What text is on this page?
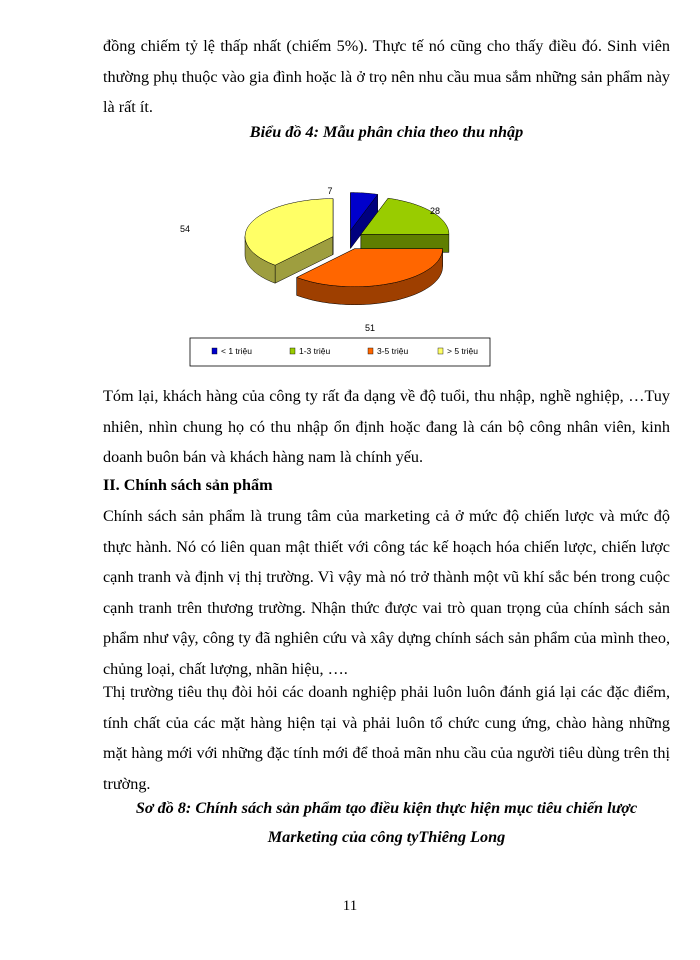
đồng chiếm tỷ lệ thấp nhất (chiếm 5%). Thực tế nó cũng cho thấy điều đó. Sinh viên thường phụ thuộc vào gia đình hoặc là ở trọ nên nhu cầu mua sắm những sản phẩm này là rất ít.
Biểu đồ 4: Mẫu phân chia theo thu nhập
7
28
51
54
< 1 triệu	1-3 triệu	3-5 triệu	> 5 triệu
Tóm lại, khách hàng của công ty rất đa dạng về độ tuổi, thu nhập, nghề nghiệp, …Tuy nhiên, nhìn chung họ có thu nhập ổn định hoặc đang là cán bộ công nhân viên, kinh doanh buôn bán và khách hàng nam là chính yếu.
II. Chính sách sản phẩm
Chính sách sản phẩm là trung tâm của marketing cả ở mức độ chiến lược và mức độ thực hành. Nó có liên quan mật thiết với công tác kế hoạch hóa chiến lược, chiến lược cạnh tranh và định vị thị trường. Vì vậy mà nó trở thành một vũ khí sắc bén trong cuộc cạnh tranh trên thương trường. Nhận thức được vai trò quan trọng của chính sách sản phẩm như vậy, công ty đã nghiên cứu và xây dựng chính sách sản phẩm của mình theo, chủng loại, chất lượng, nhãn hiệu, ….
Thị trường tiêu thụ đòi hỏi các doanh nghiệp phải luôn luôn đánh giá lại các đặc điểm, tính chất của các mặt hàng hiện tại và phải luôn tổ chức cung ứng, chào hàng những mặt hàng mới với những đặc tính mới để thoả mãn nhu cầu của người tiêu dùng trên thị trường.
Sơ đồ 8: Chính sách sản phẩm tạo điều kiện thực hiện mục tiêu chiến lược
Marketing của công tyThiêng Long
11
